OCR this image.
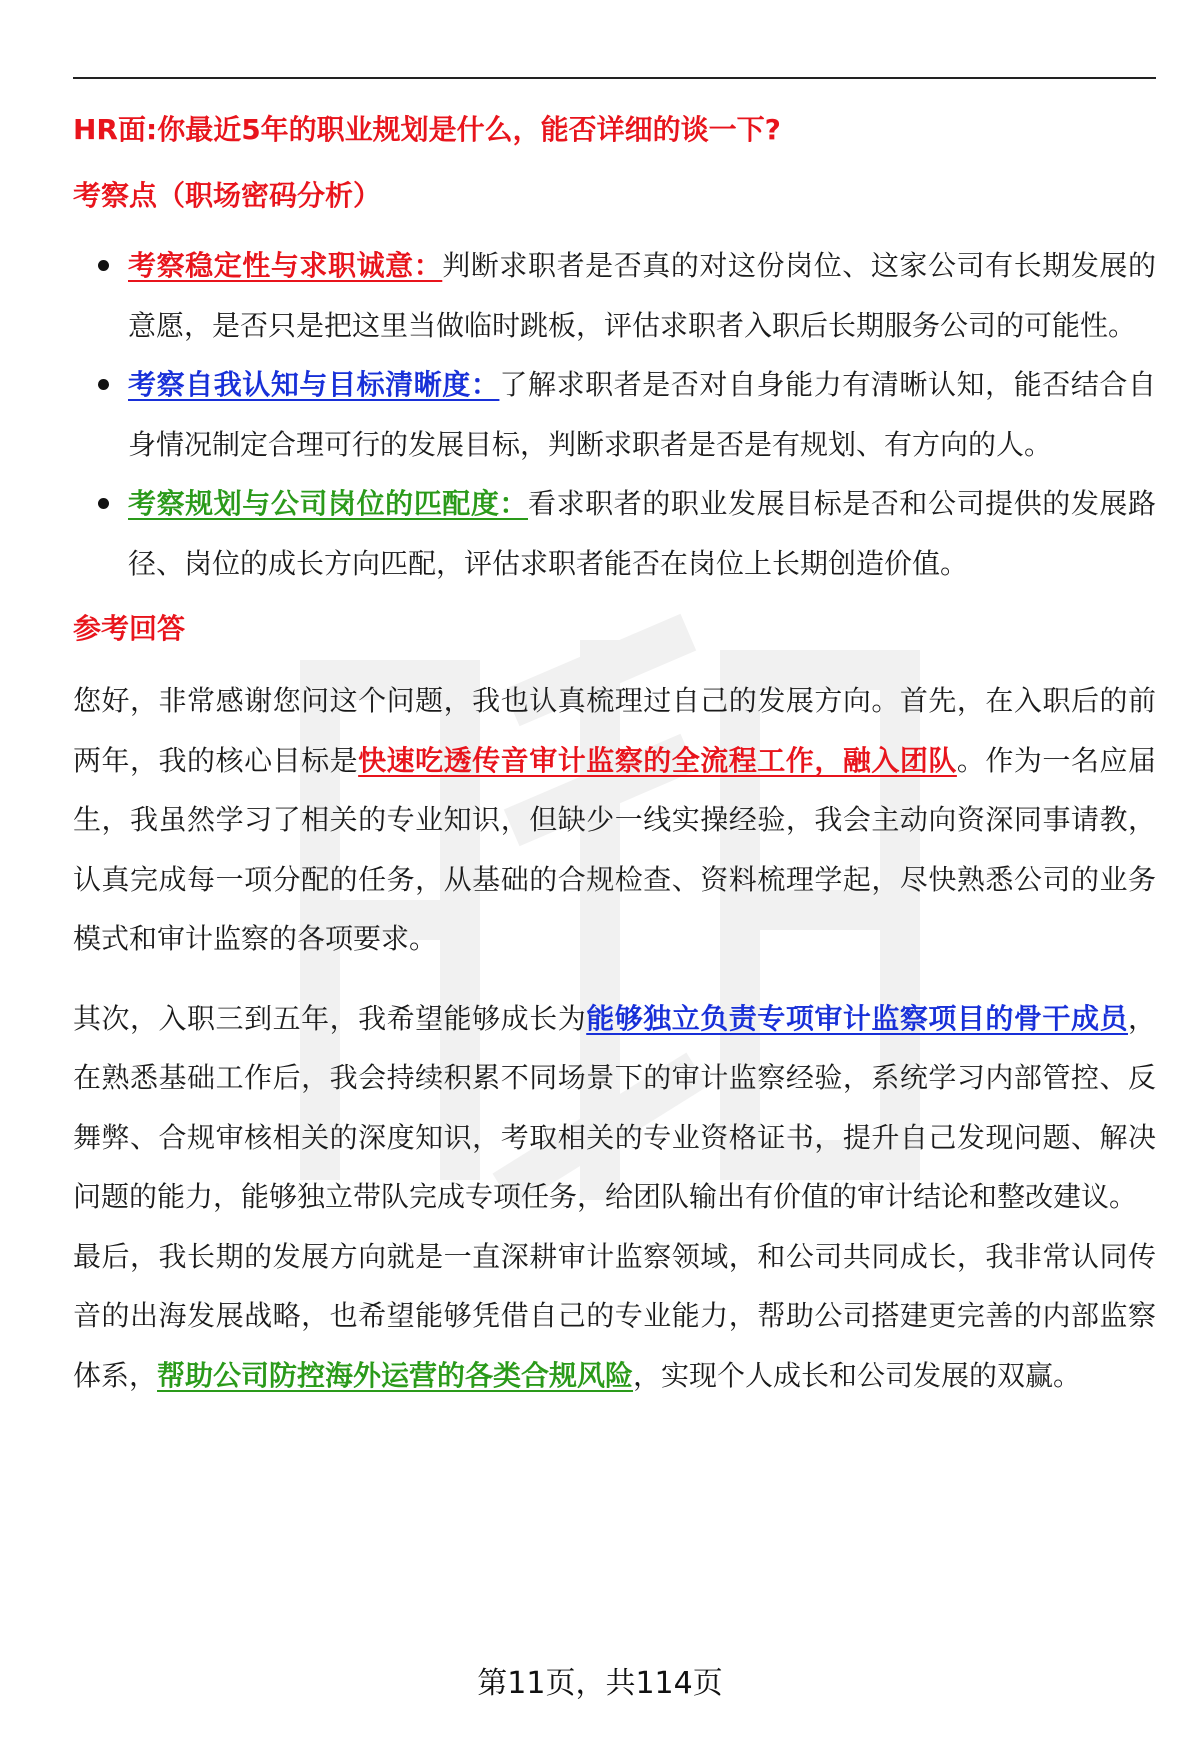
HR面:你最近5年的职业规划是什么，能否详细的谈一下?
考察点（职场密码分析）
考察稳定性与求职诚意：判断求职者是否真的对这份岗位、这家公司有长期发展的意愿，是否只是把这里当做临时跳板，评估求职者入职后长期服务公司的可能性。
考察自我认知与目标清晰度：了解求职者是否对自身能力有清晰认知，能否结合自身情况制定合理可行的发展目标，判断求职者是否是有规划、有方向的人。
考察规划与公司岗位的匹配度：看求职者的职业发展目标是否和公司提供的发展路径、岗位的成长方向匹配，评估求职者能否在岗位上长期创造价值。
参考回答

您好，非常感谢您问这个问题，我也认真梳理过自己的发展方向。首先，在入职后的前两年，我的核心目标是快速吃透传音审计监察的全流程工作，融入团队。作为一名应届生，我虽然学习了相关的专业知识，但缺少一线实操经验，我会主动向资深同事请教，认真完成每一项分配的任务，从基础的合规检查、资料梳理学起，尽快熟悉公司的业务模式和审计监察的各项要求。

其次，入职三到五年，我希望能够成长为能够独立负责专项审计监察项目的骨干成员，在熟悉基础工作后，我会持续积累不同场景下的审计监察经验，系统学习内部管控、反舞弊、合规审核相关的深度知识，考取相关的专业资格证书，提升自己发现问题、解决问题的能力，能够独立带队完成专项任务，给团队输出有价值的审计结论和整改建议。

最后，我长期的发展方向就是一直深耕审计监察领域，和公司共同成长，我非常认同传音的出海发展战略，也希望能够凭借自己的专业能力，帮助公司搭建更完善的内部监察体系，帮助公司防控海外运营的各类合规风险，实现个人成长和公司发展的双赢。

第11页，共114页
